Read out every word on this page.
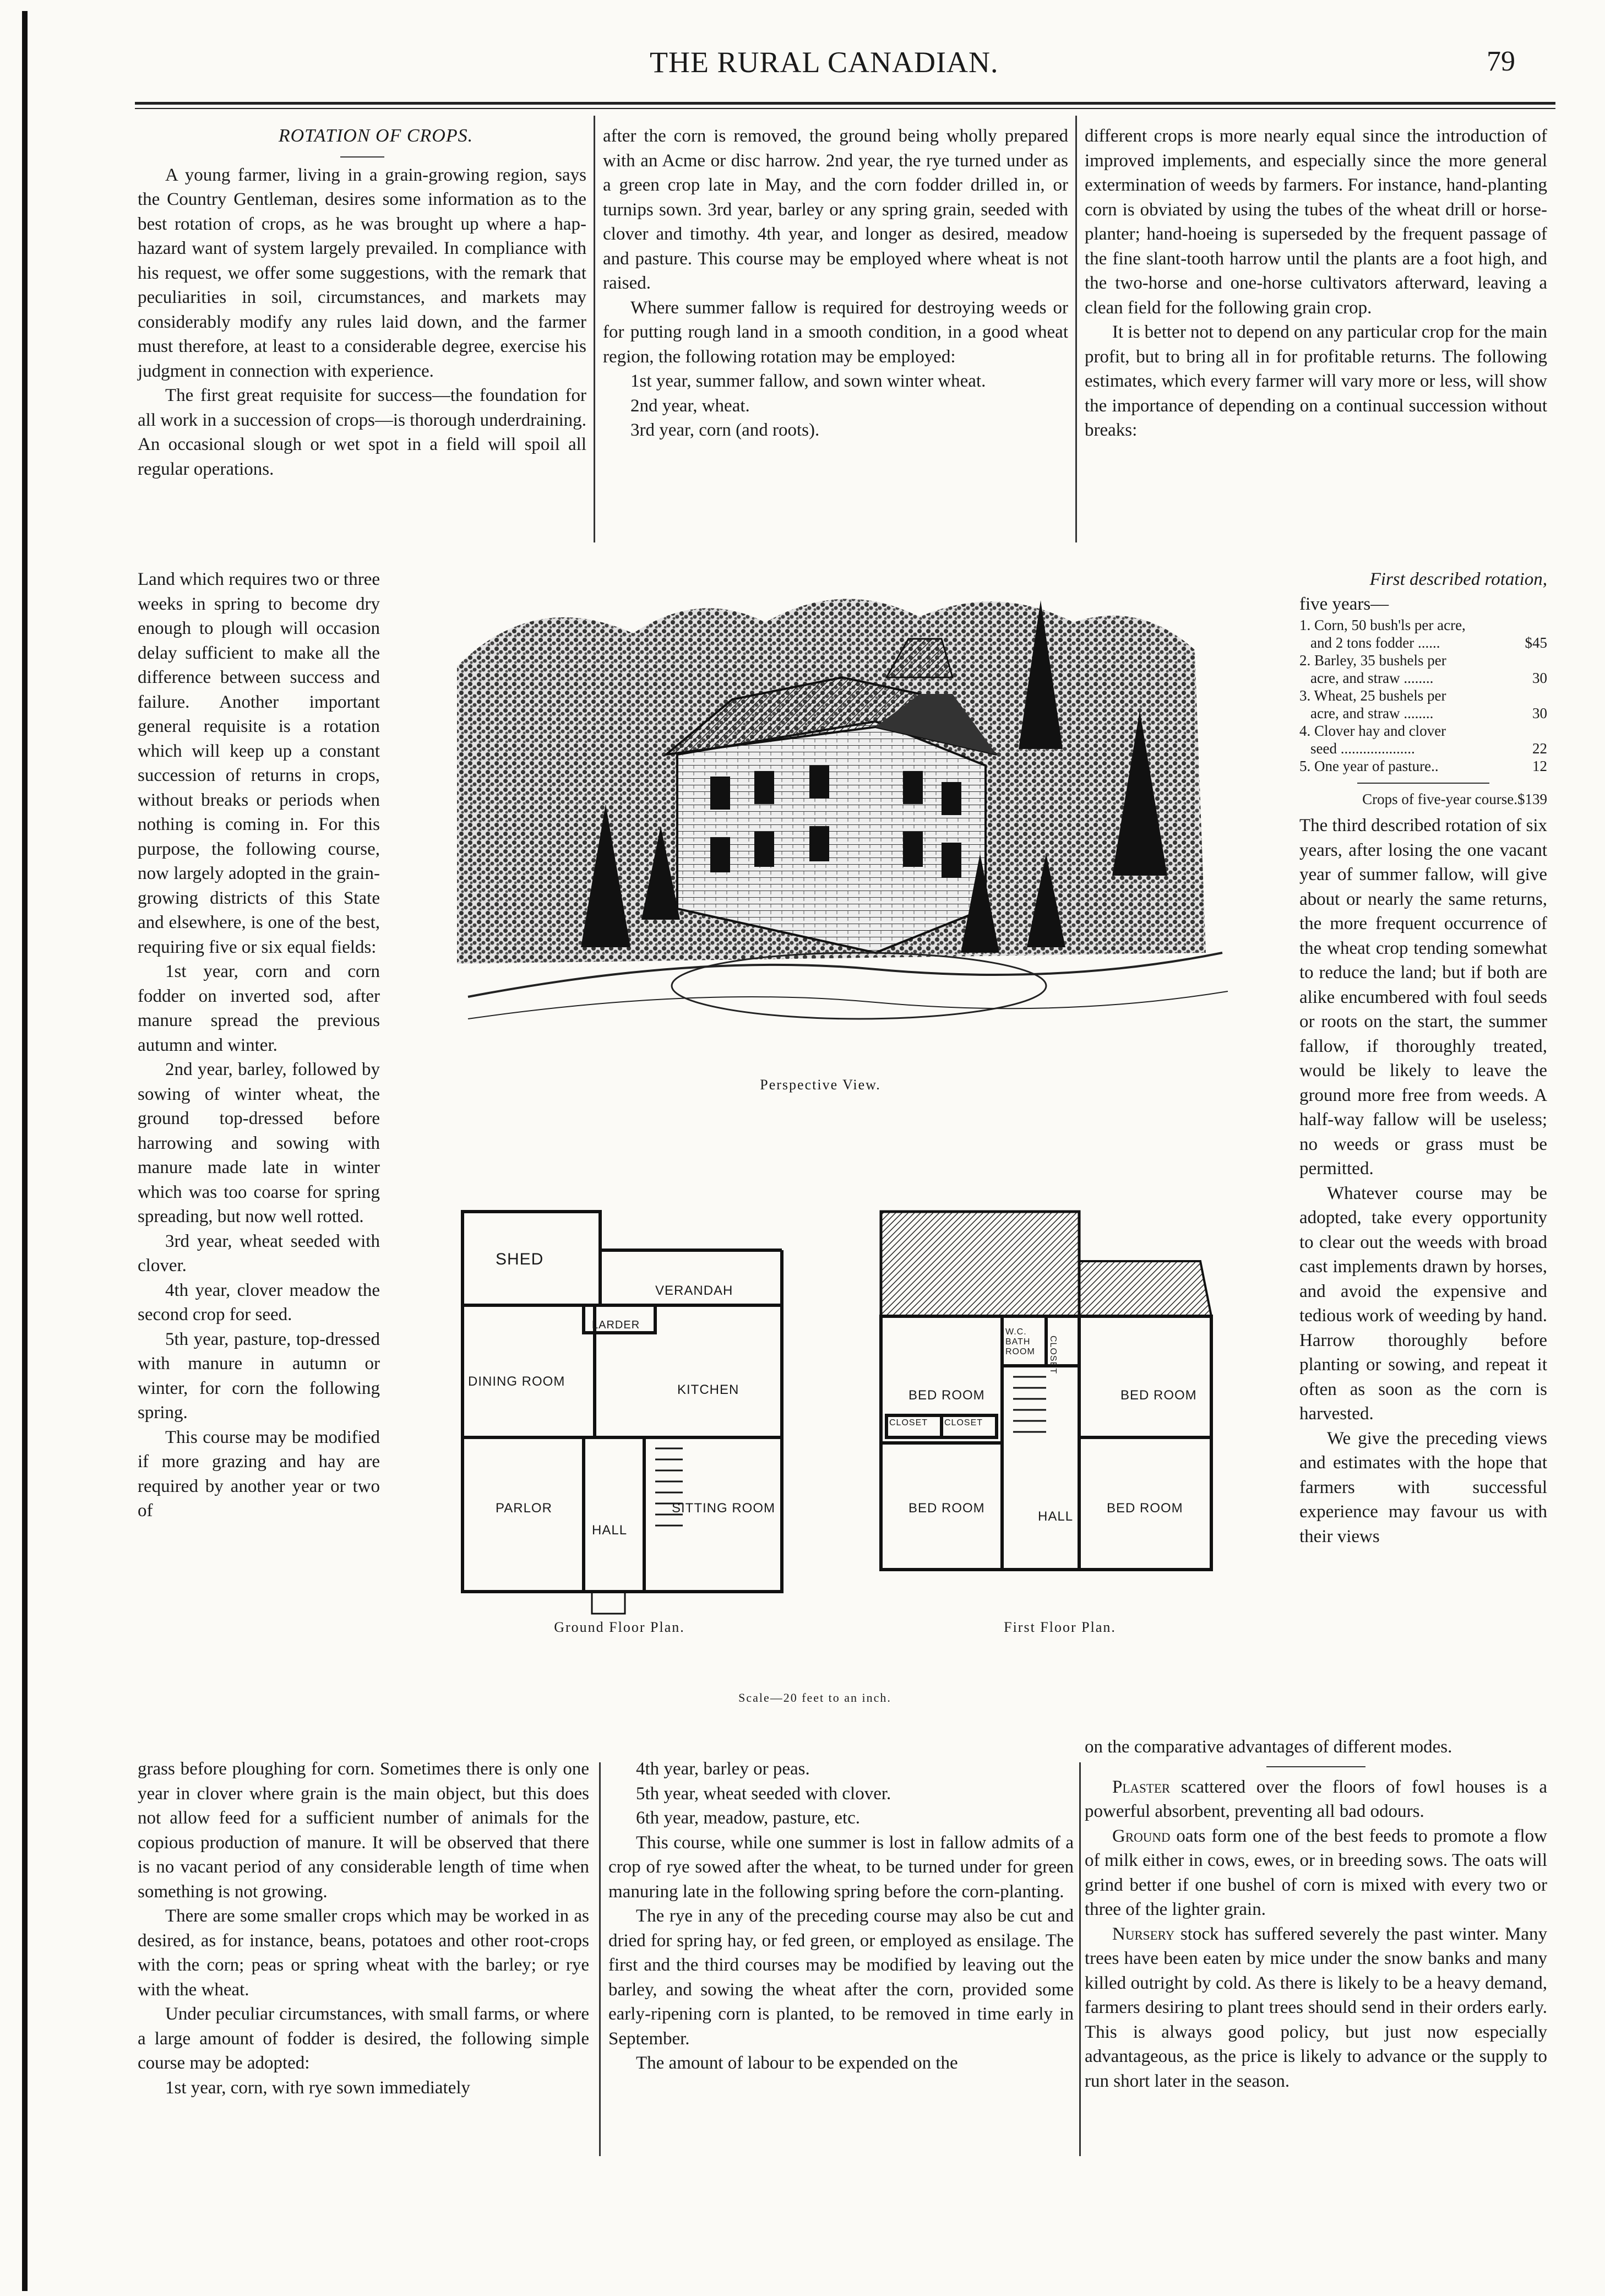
THE RURAL CANADIAN.	79

ROTATION OF CROPS.

A young farmer, living in a grain-growing region, says the Country Gentleman, desires some information as to the best rotation of crops, as he was brought up where a hap-hazard want of system largely prevailed. In compliance with his request, we offer some suggestions, with the remark that peculiarities in soil, circumstances, and markets may considerably modify any rules laid down, and the farmer must therefore, at least to a considerable degree, exercise his judgment in connection with experience.

The first great requisite for success—the foundation for all work in a succession of crops—is thorough underdraining. An occasional slough or wet spot in a field will spoil all regular operations.

Land which requires two or three weeks in spring to become dry enough to plough will occasion delay sufficient to make all the difference between success and failure. Another important general requisite is a rotation which will keep up a constant succession of returns in crops, without breaks or periods when nothing is coming in. For this purpose, the following course, now largely adopted in the grain-growing districts of this State and elsewhere, is one of the best, requiring five or six equal fields:

1st year, corn and corn fodder on inverted sod, after manure spread the previous autumn and winter.

2nd year, barley, followed by sowing of winter wheat, the ground top-dressed before harrowing and sowing with manure made late in winter which was too coarse for spring spreading, but now well rotted.

3rd year, wheat seeded with clover.

4th year, clover meadow the second crop for seed.

5th year, pasture, top-dressed with manure in autumn or winter, for corn the following spring.

This course may be modified if more grazing and hay are required by another year or two of

grass before ploughing for corn. Sometimes there is only one year in clover where grain is the main object, but this does not allow feed for a sufficient number of animals for the copious production of manure. It will be observed that there is no vacant period of any considerable length of time when something is not growing.

There are some smaller crops which may be worked in as desired, as for instance, beans, potatoes and other root-crops with the corn; peas or spring wheat with the barley; or rye with the wheat.

Under peculiar circumstances, with small farms, or where a large amount of fodder is desired, the following simple course may be adopted:

1st year, corn, with rye sown immediately

after the corn is removed, the ground being wholly prepared with an Acme or disc harrow. 2nd year, the rye turned under as a green crop late in May, and the corn fodder drilled in, or turnips sown. 3rd year, barley or any spring grain, seeded with clover and timothy. 4th year, and longer as desired, meadow and pasture. This course may be employed where wheat is not raised.

Where summer fallow is required for destroying weeds or for putting rough land in a smooth condition, in a good wheat region, the following rotation may be employed:

1st year, summer fallow, and sown winter wheat.

2nd year, wheat.

3rd year, corn (and roots).

4th year, barley or peas.

5th year, wheat seeded with clover.

6th year, meadow, pasture, etc.

This course, while one summer is lost in fallow admits of a crop of rye sowed after the wheat, to be turned under for green manuring late in the following spring before the corn-planting.

The rye in any of the preceding course may also be cut and dried for spring hay, or fed green, or employed as ensilage. The first and the third courses may be modified by leaving out the barley, and sowing the wheat after the corn, provided some early-ripening corn is planted, to be removed in time early in September.

The amount of labour to be expended on the

different crops is more nearly equal since the introduction of improved implements, and especially since the more general extermination of weeds by farmers. For instance, hand-planting corn is obviated by using the tubes of the wheat drill or horse-planter; hand-hoeing is superseded by the frequent passage of the fine slant-tooth harrow until the plants are a foot high, and the two-horse and one-horse cultivators afterward, leaving a clean field for the following grain crop.

It is better not to depend on any particular crop for the main profit, but to bring all in for profitable returns. The following estimates, which every farmer will vary more or less, will show the importance of depending on a continual succession without breaks:

First described rotation,

five years—

1. Corn, 50 bush'ls per acre,
and 2 tons fodder ......	$45
2. Barley, 35 bushels per
acre, and straw ........	30
3. Wheat, 25 bushels per
acre, and straw ........	30
4. Clover hay and clover
seed ....................	22
5. One year of pasture..	12
Crops of five-year course.$139

The third described rotation of six years, after losing the one vacant year of summer fallow, will give about or nearly the same returns, the more frequent occurrence of the wheat crop tending somewhat to reduce the land; but if both are alike encumbered with foul seeds or roots on the start, the summer fallow, if thoroughly treated, would be likely to leave the ground more free from weeds. A half-way fallow will be useless; no weeds or grass must be permitted.

Whatever course may be adopted, take every opportunity to clear out the weeds with broad cast implements drawn by horses, and avoid the expensive and tedious work of weeding by hand. Harrow thoroughly before planting or sowing, and repeat it often as soon as the corn is harvested.

We give the preceding views and estimates with the hope that farmers with successful experience may favour us with their views

on the comparative advantages of different modes.

Plaster scattered over the floors of fowl houses is a powerful absorbent, preventing all bad odours.

Ground oats form one of the best feeds to promote a flow of milk either in cows, ewes, or in breeding sows. The oats will grind better if one bushel of corn is mixed with every two or three of the lighter grain.

Nursery stock has suffered severely the past winter. Many trees have been eaten by mice under the snow banks and many killed outright by cold. As there is likely to be a heavy demand, farmers desiring to plant trees should send in their orders early. This is always good policy, but just now especially advantageous, as the price is likely to advance or the supply to run short later in the season.

Perspective View.
SHED
VERANDAH
LARDER
DINING ROOM
KITCHEN
PARLOR	SITTING ROOM
HALL
Ground Floor Plan.
BED ROOM	BED ROOM
BED ROOM	BED ROOM
W.C. BATH ROOM	CLOSET
CLOSET CLOSET
HALL
First Floor Plan.
Scale—20 feet to an inch.
